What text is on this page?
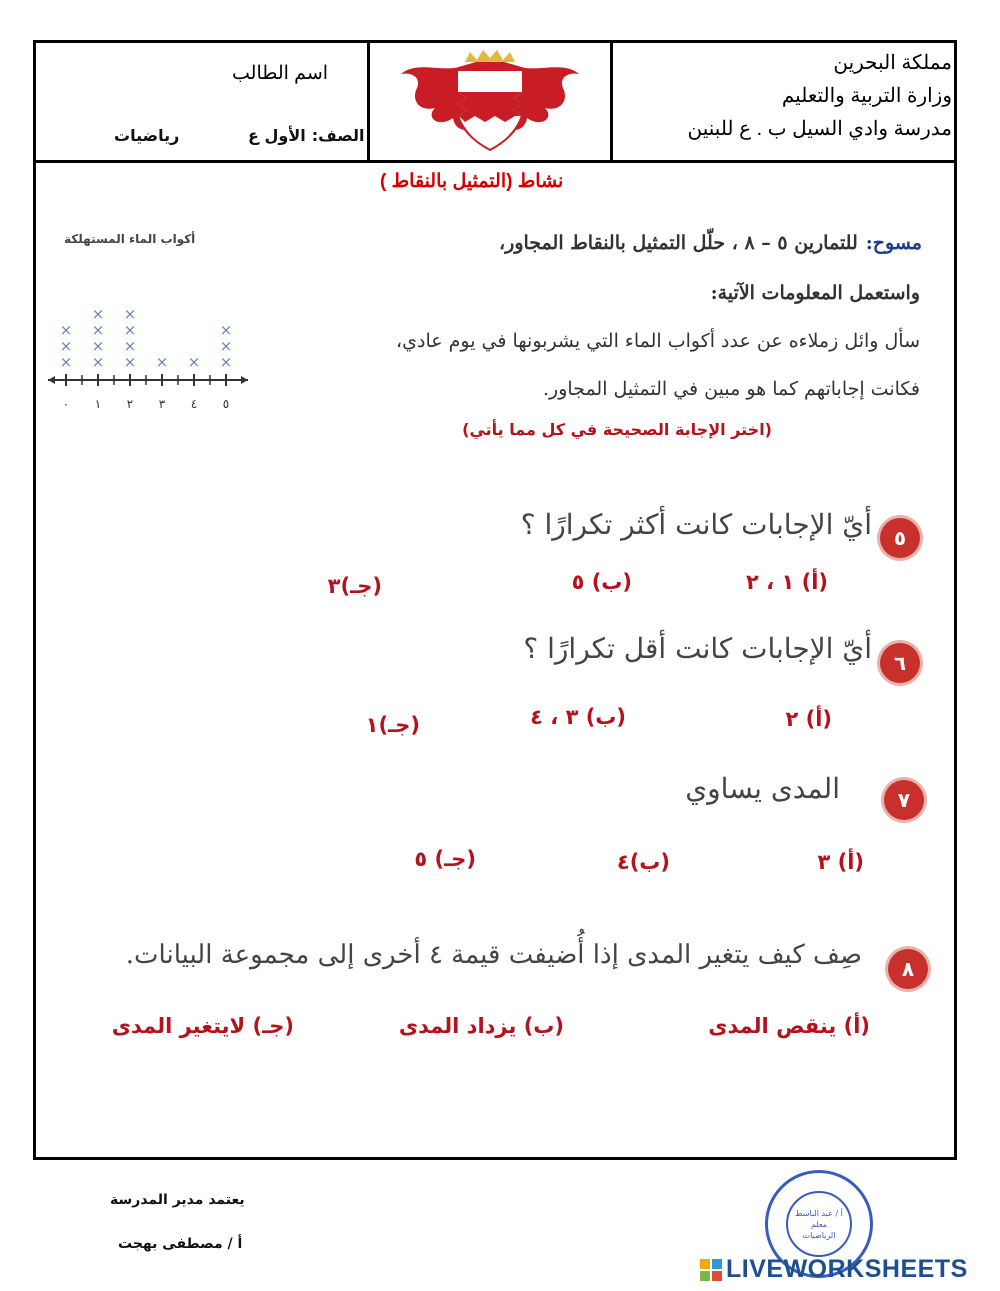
مملكة البحرين
وزارة التربية والتعليم
مدرسة وادي السيل ب . ع للبنين
اسم الطالب
الصف:
الأول ع
رياضيات
نشاط (التمثيل بالنقاط )
مسوح:
للتمارين ٥ – ٨ ، حلّل التمثيل بالنقاط المجاور،
واستعمل المعلومات الآتية:
سأل وائل زملاءه عن عدد أكواب الماء التي يشربونها في يوم عادي،
فكانت إجاباتهم كما هو مبين في التمثيل المجاور.
(اختر الإجابة الصحيحة في كل مما يأتي)
أكواب الماء المستهلكة
٠
×
×
×
١
×
×
×
×
٢
×
×
×
×
٣
×
٤
×
٥
×
×
×
٥
أيّ الإجابات كانت أكثر تكرارًا ؟
(أ) ١ ، ٢
(ب) ٥
(جـ)٣
٦
أيّ الإجابات كانت أقل تكرارًا ؟
(أ) ٢
(ب) ٣ ، ٤
(جـ)١
٧
المدى يساوي
(أ) ٣
(ب)٤
(جـ) ٥
٨
صِف كيف يتغير المدى إذا أُضيفت قيمة ٤ أخرى إلى مجموعة البيانات.
(أ) ينقص المدى
(ب) يزداد المدى
(جـ) لايتغير المدى
يعتمد مدير المدرسة
أ / مصطفى بهجت
أ / عبد الباسط
معلم
الرياضيات
LIVEWORKSHEETS
